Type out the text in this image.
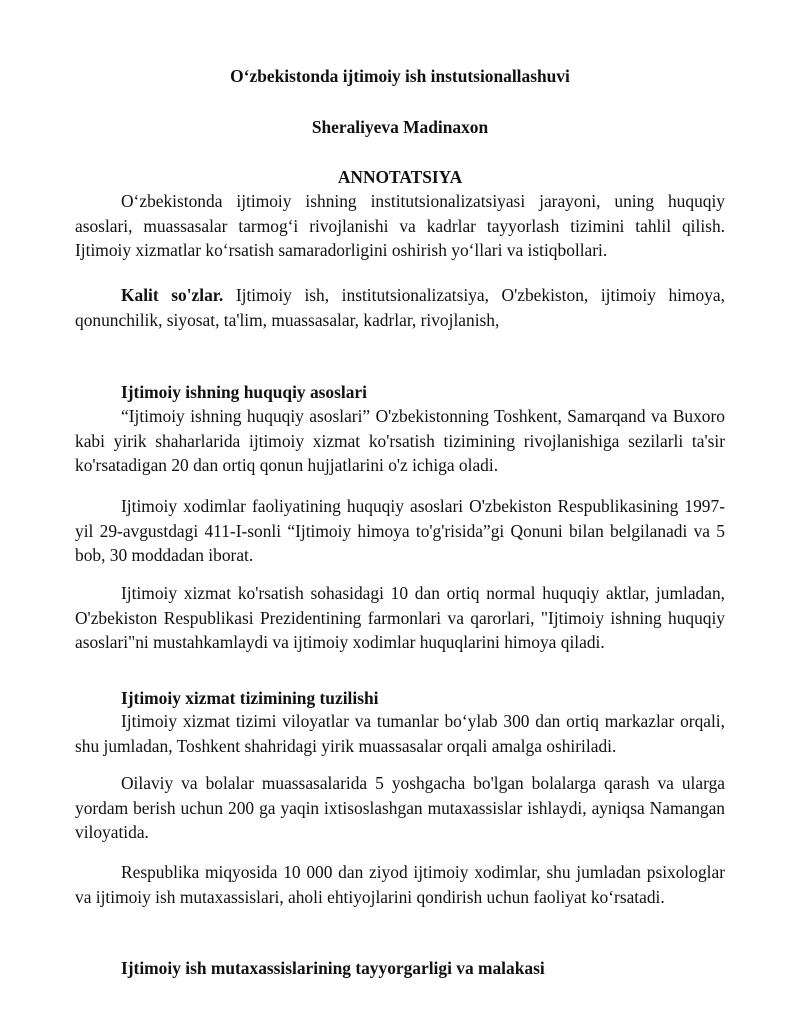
O‘zbekistonda ijtimoiy ish instutsionallashuvi
Sheraliyeva Madinaxon
ANNOTATSIYA

O‘zbekistonda ijtimoiy ishning institutsionalizatsiyasi jarayoni, uning huquqiy asoslari, muassasalar tarmog‘i rivojlanishi va kadrlar tayyorlash tizimini tahlil qilish. Ijtimoiy xizmatlar ko‘rsatish samaradorligini oshirish yo‘llari va istiqbollari.

Kalit so'zlar. Ijtimoiy ish, institutsionalizatsiya, O'zbekiston, ijtimoiy himoya, qonunchilik, siyosat, ta'lim, muassasalar, kadrlar, rivojlanish,

Ijtimoiy ishning huquqiy asoslari

“Ijtimoiy ishning huquqiy asoslari” O'zbekistonning Toshkent, Samarqand va Buxoro kabi yirik shaharlarida ijtimoiy xizmat ko'rsatish tizimining rivojlanishiga sezilarli ta'sir ko'rsatadigan 20 dan ortiq qonun hujjatlarini o'z ichiga oladi.

Ijtimoiy xodimlar faoliyatining huquqiy asoslari O'zbekiston Respublikasining 1997-yil 29-avgustdagi 411-I-sonli “Ijtimoiy himoya to'g'risida”gi Qonuni bilan belgilanadi va 5 bob, 30 moddadan iborat.

Ijtimoiy xizmat ko'rsatish sohasidagi 10 dan ortiq normal huquqiy aktlar, jumladan, O'zbekiston Respublikasi Prezidentining farmonlari va qarorlari, "Ijtimoiy ishning huquqiy asoslari"ni mustahkamlaydi va ijtimoiy xodimlar huquqlarini himoya qiladi.

Ijtimoiy xizmat tizimining tuzilishi

Ijtimoiy xizmat tizimi viloyatlar va tumanlar bo‘ylab 300 dan ortiq markazlar orqali, shu jumladan, Toshkent shahridagi yirik muassasalar orqali amalga oshiriladi.

Oilaviy va bolalar muassasalarida 5 yoshgacha bo'lgan bolalarga qarash va ularga yordam berish uchun 200 ga yaqin ixtisoslashgan mutaxassislar ishlaydi, ayniqsa Namangan viloyatida.

Respublika miqyosida 10 000 dan ziyod ijtimoiy xodimlar, shu jumladan psixologlar va ijtimoiy ish mutaxassislari, aholi ehtiyojlarini qondirish uchun faoliyat ko‘rsatadi.

Ijtimoiy ish mutaxassislarining tayyorgarligi va malakasi
